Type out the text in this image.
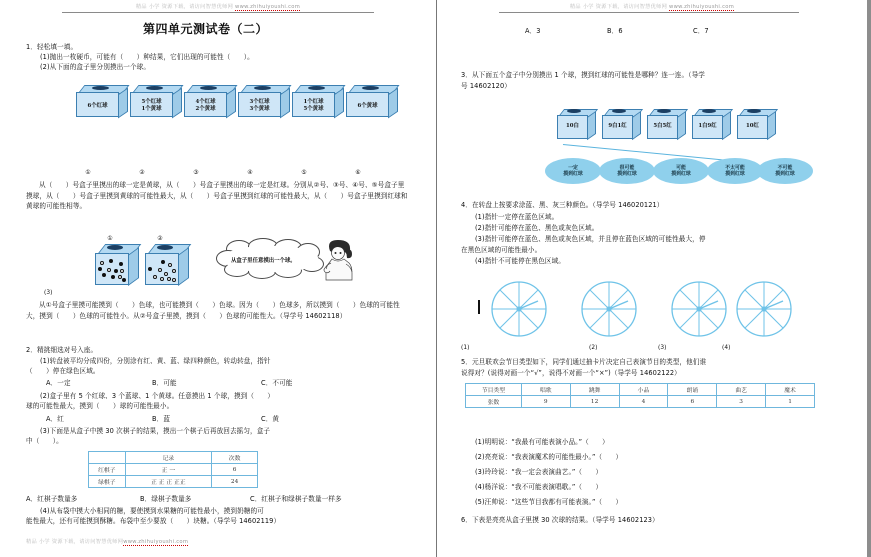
精品 小学 资源下载，请访问智慧优师网 www.zhihuiyoushi.com
第四单元测试卷（二）
1．轻松填一填。
(1)抛出一枚硬币，可能有（　　）种结果，它们出现的可能性（　　）。
(2)从下面的盒子里分别摸出一个球。
6个红球
5个红球
1个黄球
4个红球
2个黄球
3个红球
3个黄球
1个红球
5个黄球	6个黄球
①	②	③	④	⑤	⑥
从（　　）号盒子里摸出的球一定是黄球，从（　　）号盒子里摸出的球一定是红球。分别从②号、③号、④号、⑤号盒子里摸球，从（　　）号盒子里摸到黄球的可能性最大，从（　　）号盒子里摸到红球的可能性最大，从（　　）号盒子里摸到红球和黄球的可能性相等。
①	②
(3)
从盒子里任意摸出一个球。
从①号盒子里摸可能摸到（　　）色球，也可能摸到（　　）色球。因为（　　）色球多，所以摸到（　　）色球的可能性大，摸到（　　）色球的可能性小。从②号盒子里摸，摸到（　　）色球的可能性大。（导学号 14602118）
2．精挑细选对号入座。
(1)转盘被平均分成四份，分别涂有红、黄、蓝、绿四种颜色，转动转盘，指针
（　　）停在绿色区域。
A．一定	B．可能	C．不可能
(2)盒子里有 5 个红球、3 个蓝球、1 个黄球。任意摸出 1 个球，摸到（　　）
球的可能性最大，摸到（　　）球的可能性最小。
A．红	B．蓝	C．黄
(3)下面是从盒子中摸 30 次棋子的结果，摸出一个棋子后再放回去摇匀，盒子
中（　　）。
	记录	次数
红棋子	正 一	6
绿棋子	正 正 正 正正	24
A．红棋子数量多	B．绿棋子数量多	C．红棋子和绿棋子数量一样多
(4)从布袋中摸大小相同的糖，要使摸到水果糖的可能性最小，摸到奶糖的可
能性最大，还有可能摸到酥糖。布袋中至少要放（　　）块糖。（导学号 14602119）
精品 小学 资源下载，请访问智慧优师网www.zhihuiyoushi.com
精品 小学 资源下载，请访问智慧优师网 www.zhihuiyoushi.com
A．3	B．6	C．7
3．从下面五个盒子中分别摸出 1 个球，摸到红球的可能性是哪种？连一连。（导学
号 14602120）
10白	9白1红	5白5红	1白9红	10红
一定
摸到红球
很可能
摸到红球
可能
摸到红球
不太可能
摸到红球
不可能
摸到红球
4．在转盘上按要求涂蓝、黑、灰三种颜色。（导学号 146020121）
(1)指针一定停在蓝色区域。
(2)指针可能停在蓝色、黑色或灰色区域。
(3)指针可能停在蓝色、黑色或灰色区域，并且停在蓝色区域的可能性最大，停
在黑色区域的可能性最小。
(4)指针不可能停在黑色区域。
(1)	(2)	(3)	(4)
5．元旦联欢会节目类型如下，同学们通过抽卡片决定自己表演节目的类型，他们谁
说得对？(说得对画一个“√”，说得不对画一个“×”)（导学号 14602122）
节目类型	唱歌	跳舞	小品	朗诵	曲艺	魔术
张数	9	12	4	6	3	1
(1)明明说：“我最有可能表演小品。”（　　）
(2)亮亮说：“我表演魔术的可能性最小。”（　　）
(3)玲玲说：“我一定会表演曲艺。”（　　）
(4)杨洋说：“我不可能表演唱歌。”（　　）
(5)汪帅说：“这些节目我都有可能表演。”（　　）
6．下表是亮亮从盒子里摸 30 次球的结果。（导学号 14602123）
